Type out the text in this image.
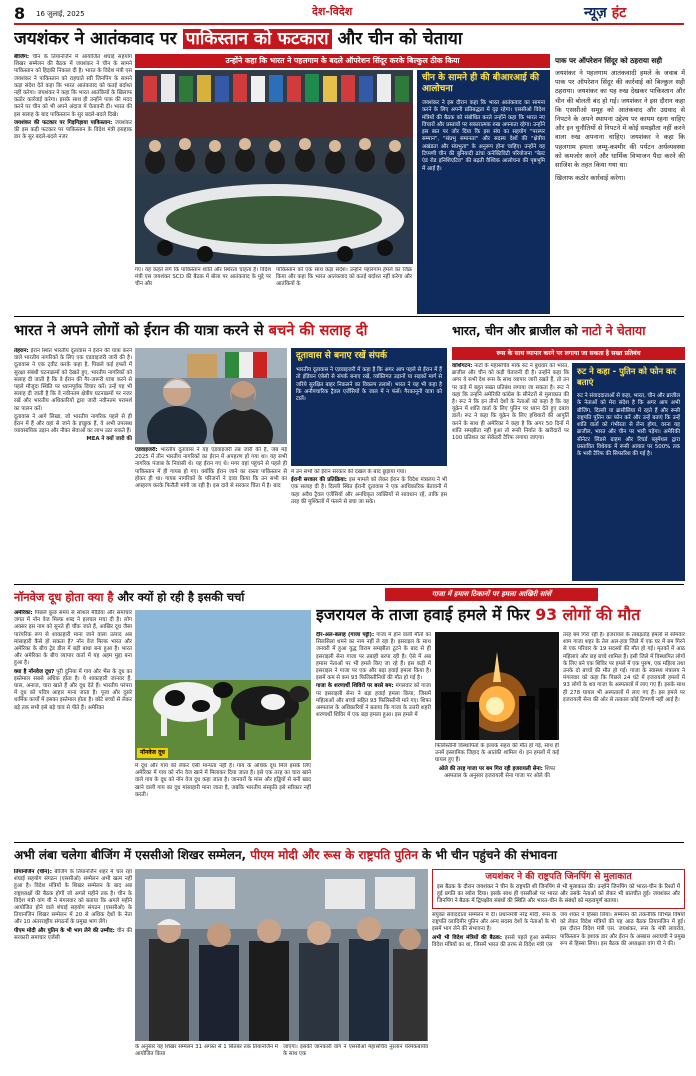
8 16 जुलाई, 2025	देश-विदेश	न्यूज़ हंट
जयशंकर ने आतंकवाद पर पाकिस्तान को फटकारा और चीन को चेताया
बीजिंग: चीन के तियानजिन में आयोजित शंघाई सहयोग शिखर सम्मेलन की बैठक में जयशंकर ने चीन के सामने पाकिस्तान को हिड़की निकाल दी है। भारत के विदेश मंत्री एस जयशंकर ने पाकिस्तान को राहघाते स्वी जिनपिंग के सामने कड़ा संदेश देते कहा कि भारत आतंकवाद को कतई बर्दाश्त नहीं करेगा। जयशंकर ने कहा कि भारत आतंकियों के खिलाफ कठोर कार्रवाई करेगा। इसके साथ ही उन्होंने पाक की मदद करने पर चीन को भी अपने अंदाज में चेतावनी दी। भारत की इस सलाह के बाद पाकिस्तान के सुर बदले-बदले दिखे।
जयशंकर की फटकार पर गिड़गिड़ाया पाकिस्तान: जयशंकर की इस कड़ी फटकार पर पाकिस्तान के विदेश मंत्री इसहाक डार के सुर बदले-बदले नजर
उन्होंने कहा कि भारत ने पहलगाम के बदले ऑपरेशन सिंदूर करके बिल्कुल ठीक किया
गए। यह कहते लगे कि पाकिस्तान शांति और स्थिरता चाहता है। विदेश मंत्री एस जयशंकर SCO की बैठक में बोला पर आतंकवाद के मुद्दे पर चीन और
पाकिस्तान को एक साथ कड़ा संदेश। उन्होंने पहलगाम हमले का जिक्र किया और कहा कि भारत आतंकवाद को कतई बर्दाश्त नहीं करेगा और आतंकियों के
चीन के सामने ही की बीआरआई की आलोचना
जयशंकर ने इस दौरान कहा कि भारत आतंकवाद का सामना करने के लिए अपनी प्रतिबद्धता में दृढ़ रहेगा। एससीओ विदेश मंत्रियों की बैठक को संबोधित करते उन्होंने कहा कि भारत नए विचारों और प्रस्तावों पर सकारात्मक रुख अपनाता रहेगा। उन्होंने इस बात पर जोर दिया कि इस संघ का सहयोग "परस्पर सम्मान", "संप्रभु समानता" और सदस्य देशों की "क्षेत्रीय अखंडता और संप्रभुता" के अनुरूप होना चाहिए। उन्होंने यह टिप्पणी चीन की बुनियादी ढांचा कनेक्टिविटी परियोजना "बेल्ट एंड रोड इनिशिएटिव" की बढ़ती वैश्विक आलोचना की पृष्ठभूमि में आई है।
पाक पर ऑपरेशन सिंदूर को ठहराया सही
जयशंकर ने पहलगाम आतंकवादी हमले के जवाब में पाक पर ऑपरेशन सिंदूर की कार्रवाई को बिल्कुल सही ठहराया। जयशंकर का यह रुख देखकर पाकिस्तान और चीन की बोलती बंद हो गई। जयशंकर ने इस दौरान कहा कि एससीओ समूह को आतंकवाद और उग्रवाद से निपटने के अपने स्थापना उद्देश्य पर कायम रहना चाहिए और इन चुनौतियों से निपटने में कोई समझौता नहीं करने वाला रुख अपनाना चाहिए। जयशंकर ने कहा कि पहलगाम हमला जम्मू-कश्मीर की पर्यटन अर्थव्यवस्था को कमजोर करने और धार्मिक विभाजन पैदा करने की साजिश के तहत किया गया था।
खिलाफ कठोर कार्रवाई करेगा।
भारत ने अपने लोगों को ईरान की यात्रा करने से बचने की सलाह दी
तेहरान: ईरान स्थित भारतीय दूतावास ने ईरान की यात्रा करने वाले भारतीय नागरिकों के लिए एक एडवाइजरी जारी की है। दूतावास ने एक ट्वीट करके कहा है, पिछले कई हफ्तों में सुरक्षा संबंधी घटनाक्रमों को देखते हुए, भारतीय नागरिकों को सलाह दी जाती है कि वे ईरान की गैर-जरूरी यात्रा करने से पहले मौजूदा स्थिति पर ध्यानपूर्वक विचार करें। उन्हें यह भी सलाह दी जाती है कि वे नवीनतम क्षेत्रीय घटनाक्रमों पर नजर रखें और भारतीय अधिकारियों द्वारा जारी नवीनतम परामर्श का पालन करें।
दूतावास ने आगे लिखा, जो भारतीय नागरिक पहले से ही ईरान में हैं और वहां से जाने के इच्छुक हैं, वे अभी उपलब्ध व्यावसायिक उड़ान और नौका सेवाओं का लाभ उठा सकते हैं।
MEA ने क्यों जारी की
एडवाइजरी: भारतीय दूतावास ने यह एडवाइजरी तब जारी की है, जब मई 2025 में तीन भारतीय नागरिकों का ईरान में अपहरण हो गया था। यह सभी नागरिक पंजाब के निवासी थे। यह ईरान गए थे। मगर वहां पहुंचने से पहले ही पाकिस्तान में ही गायब हो गए। क्योंकि ईरान जाने का रास्ता पाकिस्तान से होकर ही था। गायब नागरिकों के परिजनों ने दावा किया कि उन सभी का अपहरण करके फिरौती मांगी जा रही है। इस दावे से सरकार चिंता में है। बाद
दूतावास से बनाए रखें संपर्क
भारतीय दूतावास ने एडवाइजरी में कहा है कि अगर आप पहले से ईरान में हैं तो इंडियन एंबेसी से संपर्क बनाए रखें, व्यक्तिगत उड़ानों या सड़कों मार्ग से जरिये सुरक्षित बाहर निकलने का विकल्प तलाशें। भारत ने यह भी कहा है कि अनौपचारिक ट्रैवल एजेंसियों के जाल में न फंसें। गैरकानूनी यात्रा को टालें।
में उन सभी को ईरान सरकार की दखल के बाद छुड़ाया गया।
ईरानी सरकार की प्रतिक्रिया: इस मामले को लेकर ईरान के विदेश मंत्रालय ने भी एक सलाह दी है। दिल्ली स्थित ईरानी दूतावास ने एक आधिकारिक बेतावनी में कहा अवैध ट्रैवल एजेंसियों और अनधिकृत व्यक्तियों से सावधान रहें, ताकि इस तरह की मुश्किलों में फंसने से बचा जा सके।
भारत, चीन और ब्राजील को नाटो ने चेताया
रूस के साथ व्यापार करने पर लगाया जा सकता है सख्त प्रतिबंध
वाशिंगटन: नाटो के महासचिव मार्क रुट ने बुधवार को भारत, ब्राजील और चीन को कड़ी चेतावनी दी है। उन्होंने कहा कि अगर ये सभी देश रूस के साथ व्यापार जारी रखते हैं, तो उन पर कड़े में बहुत सख्त प्रतिबंध लगाया जा सकता है। रूट ने कहा कि उन्होंने अमेरिकी कांग्रेस के सीनेटरों से मुलाकात की है। रूट ने कि इन तीनों देशों के नेताओं को कहा है कि वह यूक्रेन में शांति वार्ता के लिए पुतिन पर ध्यान देते हुए दबाव डालें। रूट ने कहा कि यूक्रेन के लिए हथियारों की आपूर्ति करने के साथ ही अमेरिका ने कहा है कि अगर 50 दिनों में शांति समझौता नहीं हुआ तो रूसी निर्यात के खरीदारों पर 100 प्रतिशत का सेकेंडरी टैरिफ लगाया जाएगा।
रुट ने कहा - पुतिन को फोन कर बताएं
रुट ने संवाददाताओं से कहा, भारत, चीन और ब्राजील के नेताओं को मेरा संदेश है कि अगर आप अभी बीजिंग, दिल्ली या ब्रासीलिया में रहते हैं और रूसी राष्ट्रपति पुतिन का फोन करें और उन्हें बताएं कि उन्हें शांति वार्ता को गंभीरता से लेना होगा, वरना यह ब्राजील, भारत और चीन पर भारी पड़ेगा। अमेरिकी सीनेटर लिंडसे ग्राहम और रिचर्ड ब्लूमेंथल द्वारा प्रस्तावित विधेयक में रूसी आयात पर 500% तक के भारी टैरिफ की सिफारिश की गई है।
नॉनवेज दूध होता क्या है और क्यों हो रही है इसकी चर्चा
अमेरिका: पिछले कुछ समय से सोशल मीडिया और समाचार जगत में नॉन वेज मिल्क शब्द ने हलचल मचा दी है। लोग अक्सर इस नाम को सुनते ही चौंक जाते हैं, आखिर दूध जैसा पारंपरिक रूप से शाकाहारी माना जाने वाला उत्पाद अब मांसाहारी कैसे हो सकता है? नॉन वेज मिल्क भारत और अमेरिका के बीच ट्रेड डील में बड़ी बाधा बना हुआ है। भारत और अमेरिका के बीच व्यापार वार्ता में यह अहम मुद्दा बना हुआ है।
क्या है नॉनवेज दूध? पूरी दुनिया में गाय और भैंस के दूध का इस्तेमाल सबसे अधिक होता है। ये शाकाहारी जानवर हैं, घास, अनाज, चारा खाते हैं और दूध देते हैं। भारतीय परंपरा में दूध को पवित्र आहार माना जाता है। पूजा और दूसरे धार्मिक कार्यों में इसका इस्तेमाल होता है। छोटे बच्चों से लेकर बड़े तक सभी इसे बड़े चाव से पीते हैं। अमेरिका
नॉनवेज दूध
में दूध और गाय को लेकर ऐसी मान्यता नहीं है। गाय के अधिक दूध मिले इसके लिए अमेरिका में गाय को नॉन वेज खाने में मिलाकर दिया जाता है। इसे एक तरह का चारा खाने वाले गाय के दूध को नॉन वेज दूध कहा जाता है। जानवरों के मांस और हड्डियों से बनी खाद खाने वाली गाय का दूध मांसाहारी माना जाता है, जबकि भारतीय संस्कृति इसे स्वीकार नहीं करती।
गाजा में हमास ठिकानों पर हमला आखिरी सांसें
इजरायल के ताजा हवाई हमले में फिर 93 लोगों की मौत
दीर-अल-बलाह (गाजा पट्टी): गाजा में होने वाली मौतों का सिलसिला थमने का नाम नहीं ले रहा है। इसराइल के साथ जनवरी में हुआ युद्ध विराम समझौता टूटने के बाद से ही इसराइली सेना गाजा पर तबाही बरपा रही है। ऐसे में अब हमास नेताओं पर भी हमले किए जा रहे हैं। इस कड़ी में इसराइल ने गाजा पर एक और बड़ा हवाई हमला किया है। इसमें कम से कम 93 फिलिस्तीनियों की मौत हो गई है।
गाजा के शरणार्थी शिविरों पर बरसे बम: मंगलवार को गाजा पर इसराइली सेना ने बड़ा हवाई हमला किया, जिसमें महिलाओं और बच्चों सहित 93 फिलिस्तीनी मारे गए। शिफा अस्पताल के अधिकारियों ने बताया कि गाजा के उत्तरी शहरी शरणार्थी शिविर में एक बड़ा हमला हुआ। इस हमले में
फिलिस्तीनी विस्थापितों के इलाके सहरा की मौत हो गई, साथ ही उनमें इस्लामिक जिहाद के आतंकी शामिल थे। इन हमलों में कई घायल हुए हैं।
ओले की तरह गाजा पर बम गिरा रही इजरायली सेना: शिफा अस्पताल के अनुसार इजरायली सेना गाजा पर ओले की
तरह बम गिरा रही है। इजरायल के ताबड़तोड़ हमलों से सोमवार शाम गाजा शहर के तेल अल-हवा जिले में एक घर में बम गिरने से एक परिवार के 19 सदस्यों की मौत हो गई। मृतकों में आठ महिलाएं और छह बच्चे शामिल हैं। इसी जिले में विस्थापित लोगों के लिए बने एक शिविर पर हमले में एक पुरुष, एक महिला तथा उनके दो बच्चों की मौत हो गई। गाजा के स्वास्थ्य मंत्रालय ने मंगलवार को कहा कि पिछले 24 घंटे में इजरायली हमलों में 93 लोगों के शव गाजा के अस्पतालों में लाए गए हैं। इसके साथ ही 278 घायल भी अस्पतालों में लाए गए हैं। इस हमले पर इजरायली सेना की ओर से तत्काल कोई टिप्पणी नहीं आई है।
अभी लंबा चलेगा बीजिंग में एससीओ शिखर सम्मेलन, पीएम मोदी और रूस के राष्ट्रपति पुतिन के भी चीन पहुंचने की संभावना
तियानजिन (चीन): बीजिंग के तियानजिन शहर में चल रहा शंघाई सहयोग संगठन (एससीओ) सम्मेलन अभी खत्म नहीं हुआ है। विदेश मंत्रियों के शिखर सम्मेलन के बाद अब राष्ट्राध्यक्षों की बैठक होगी जो अगले महीने तक है। चीन के विदेश मंत्री वांग यी ने मंगलवार को बताया कि अगले महीने आयोजित होने वाले शंघाई सहयोग संगठन (एससीओ) के तियानजिन शिखर सम्मेलन में 20 से अधिक देशों के नेता और 10 अंतरराष्ट्रीय संगठनों के प्रमुख भाग लेंगे।
पीएम मोदी और पुतिन के भी भाग लेने की उम्मीद: चीन की सरकारी समाचार एजेंसी
के अनुसार यह शिखर सम्मेलन 31 अगस्त से 1 सितंबर तक तियानजिन में आयोजित किया
जाएगा। इसकी जानकारी वांग ने एससीओ महासचिव नूरलान येरमेकबायेव के साथ एक
जयशंकर ने की राष्ट्रपति जिनपिंग से मुलाकात
इस बैठक के दौरान जयशंकर ने चीन के राष्ट्रपति शी जिनपिंग से भी मुलाकात की। उन्होंने जिनपिंग को भारत-चीन के रिश्तों में हुई प्रगति का ब्योरा दिया। इसके साथ ही एससीओ पर भारत और उसके नेताओं को लेकर भी बातचीत हुई। जयशंकर और जिनपिंग ने बैठक में द्विपक्षीय संबंधों की स्थिति और भारत-चीन के संबंधों को महत्वपूर्ण बताया।
संयुक्त संवाददाता सम्मेलन में दी। प्रधानमंत्री नरेंद्र मोदी, रूस के राष्ट्रपति व्लादिमीर पुतिन और अन्य सदस्य देशों के नेताओं के भी इसमें भाग लेने की संभावना है।
अभी भी विदेश मंत्रियों की बैठक: इससे पहले हुआ सम्मेलन विदेश मंत्रियों का था, जिसमें भारत की तरफ से विदेश मंत्री एस
जय शंकर ने हिस्सा लिया। सम्मेलन की तकनीकि विभिन्न विषयों को लेकर विदेश मंत्रियों की यह आठ बैठक तियानजिन में हुई। इस दौरान विदेश मंत्री एस. जयशंकर, रूस के मंत्री लावरोव, पाकिस्तान के इशाक डार और ईरान के अब्बास अराघची ने प्रमुख रूप से हिस्सा लिया। इस बैठक की अध्यक्षता वांग यी ने की।
